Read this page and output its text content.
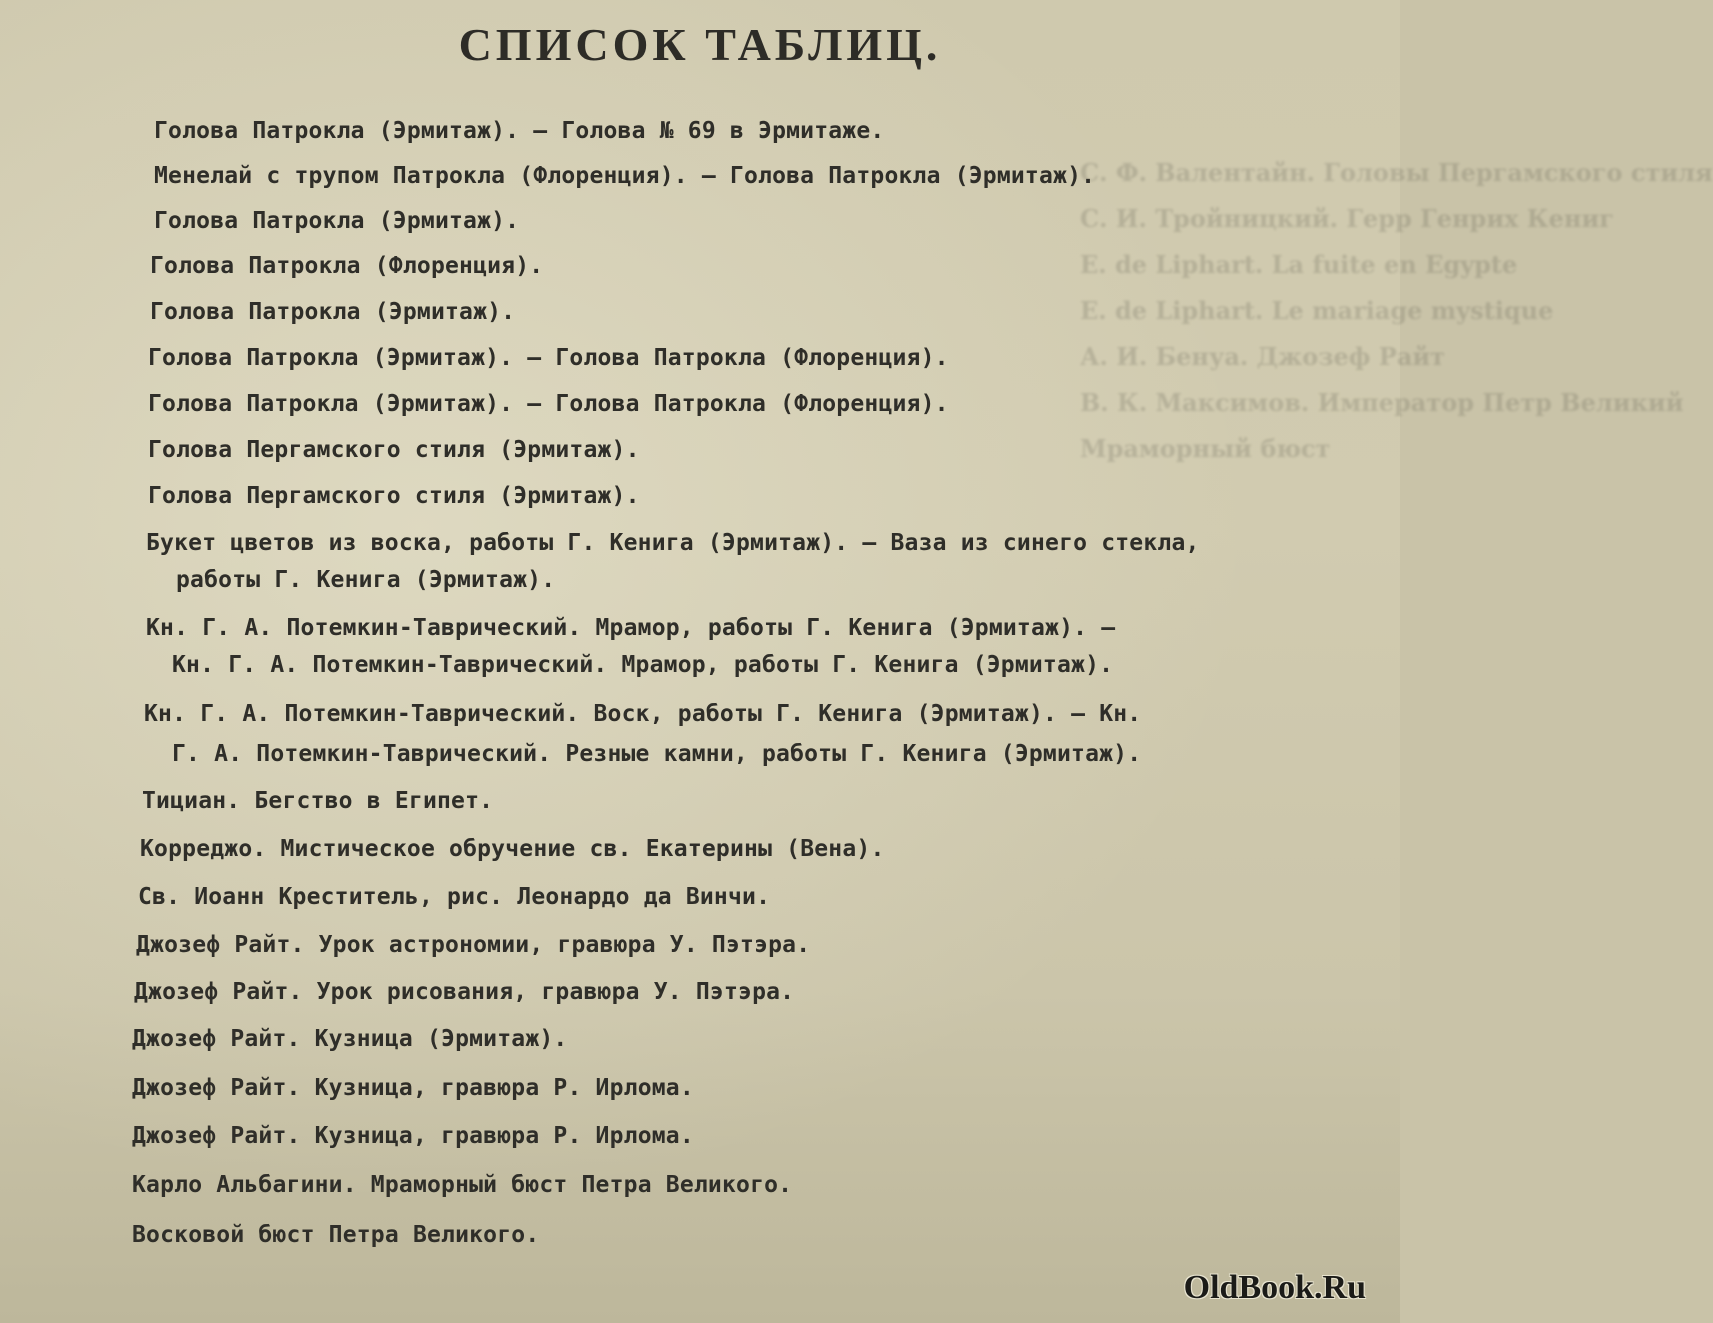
С. Ф. Валентайн. Головы Пергамского стиля
С. И. Тройницкий. Герр Генрих Кениг
Е. de Liphart. La fuite en Egypte
Е. de Liphart. Le mariage mystique
А. И. Бенуа. Джозеф Райт
В. К. Максимов. Император Петр Великий
Мраморный бюст
СПИСОК ТАБЛИЦ.
Голова Патрокла (Эрмитаж). — Голова № 69 в Эрмитаже.
Менелай с трупом Патрокла (Флоренция). — Голова Патрокла (Эрмитаж).
Голова Патрокла (Эрмитаж).
Голова Патрокла (Флоренция).
Голова Патрокла (Эрмитаж).
Голова Патрокла (Эрмитаж). — Голова Патрокла (Флоренция).
Голова Патрокла (Эрмитаж). — Голова Патрокла (Флоренция).
Голова Пергамского стиля (Эрмитаж).
Голова Пергамского стиля (Эрмитаж).
Букет цветов из воска, работы Г. Кенига (Эрмитаж). — Ваза из синего стекла,
работы Г. Кенига (Эрмитаж).
Кн. Г. А. Потемкин-Таврический. Мрамор, работы Г. Кенига (Эрмитаж). —
Кн. Г. А. Потемкин-Таврический. Мрамор, работы Г. Кенига (Эрмитаж).
Кн. Г. А. Потемкин-Таврический. Воск, работы Г. Кенига (Эрмитаж). — Кн.
Г. А. Потемкин-Таврический. Резные камни, работы Г. Кенига (Эрмитаж).
Тициан. Бегство в Египет.
Корреджо. Мистическое обручение св. Екатерины (Вена).
Св. Иоанн Креститель, рис. Леонардо да Винчи.
Джозеф Райт. Урок астрономии, гравюра У. Пэтэра.
Джозеф Райт. Урок рисования, гравюра У. Пэтэра.
Джозеф Райт. Кузница (Эрмитаж).
Джозеф Райт. Кузница, гравюра Р. Ирлома.
Джозеф Райт. Кузница, гравюра Р. Ирлома.
Карло Альбагини. Мраморный бюст Петра Великого.
Восковой бюст Петра Великого.
OldBook.Ru
